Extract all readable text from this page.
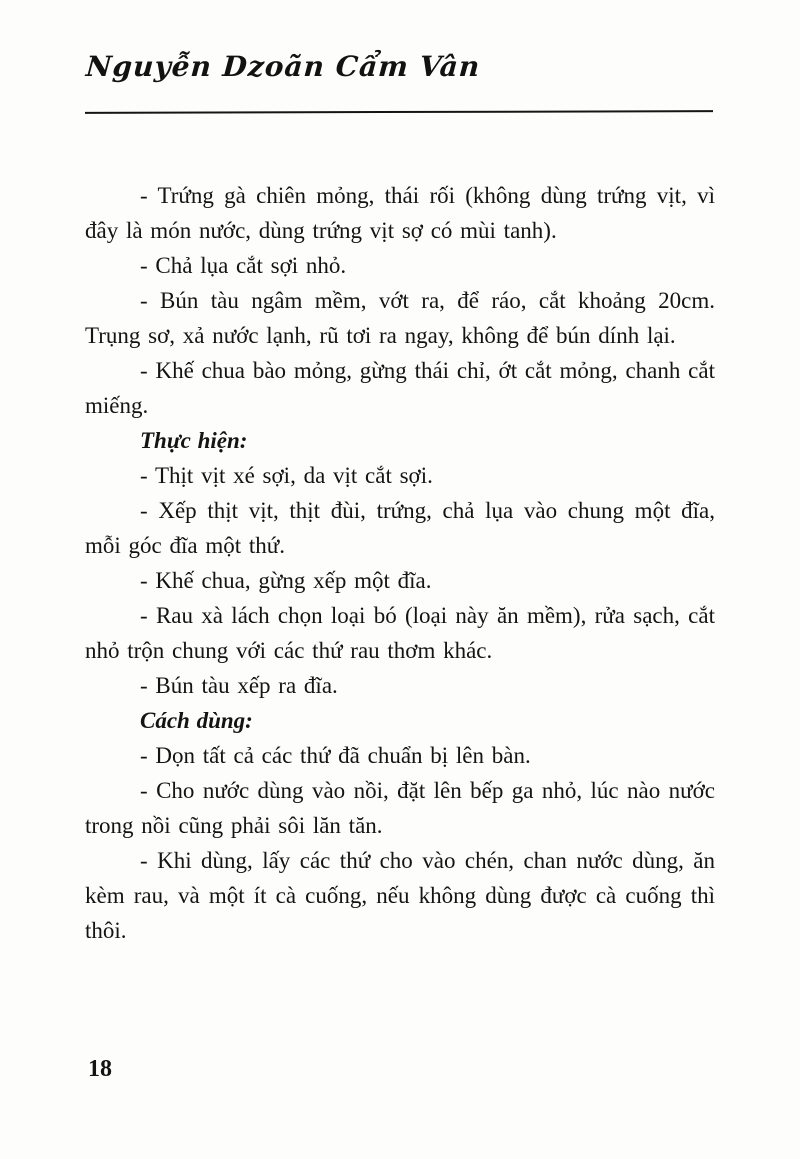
Nguyễn Dzoãn Cẩm Vân

- Trứng gà chiên mỏng, thái rối (không dùng trứng vịt, vì đây là món nước, dùng trứng vịt sợ có mùi tanh).

- Chả lụa cắt sợi nhỏ.

- Bún tàu ngâm mềm, vớt ra, để ráo, cắt khoảng 20cm. Trụng sơ, xả nước lạnh, rũ tơi ra ngay, không để bún dính lại.

- Khế chua bào mỏng, gừng thái chỉ, ớt cắt mỏng, chanh cắt miếng.

Thực hiện:

- Thịt vịt xé sợi, da vịt cắt sợi.

- Xếp thịt vịt, thịt đùi, trứng, chả lụa vào chung một đĩa, mỗi góc đĩa một thứ.

- Khế chua, gừng xếp một đĩa.

- Rau xà lách chọn loại bó (loại này ăn mềm), rửa sạch, cắt nhỏ trộn chung với các thứ rau thơm khác.

- Bún tàu xếp ra đĩa.

Cách dùng:

- Dọn tất cả các thứ đã chuẩn bị lên bàn.

- Cho nước dùng vào nồi, đặt lên bếp ga nhỏ, lúc nào nước trong nồi cũng phải sôi lăn tăn.

- Khi dùng, lấy các thứ cho vào chén, chan nước dùng, ăn kèm rau, và một ít cà cuống, nếu không dùng được cà cuống thì thôi.

18
